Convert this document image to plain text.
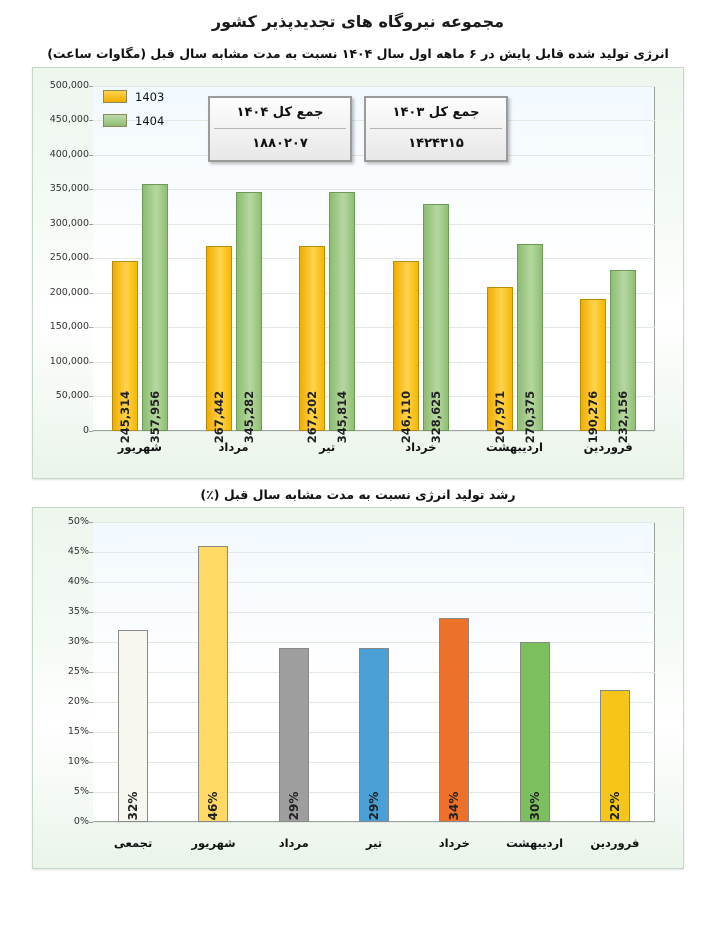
مجموعه نیروگاه های تجدیدپذیر کشور
انرژی تولید شده قابل پایش در ۶ ماهه اول سال ۱۴۰۴ نسبت به مدت مشابه سال قبل (مگاوات ساعت)
190,276 232,156
207,971 270,375
246,110 328,625
267,202 345,814
267,442 345,282
245,314 357,956
0
50,000
100,000
150,000
200,000
250,000
300,000
350,000
400,000
450,000
500,000
فروردین
اردیبهشت
خرداد
تیر
مرداد
شهریور
1403
1404
جمع کل ۱۴۰۴
۱۸۸۰۲۰۷
جمع کل ۱۴۰۳
۱۴۲۴۳۱۵
رشد تولید انرژی نسبت به مدت مشابه سال قبل (٪)
22%
30%
34%
29%
29%
46%
32%
0%
5%
10%
15%
20%
25%
30%
35%
40%
45%
50%
فروردین
اردیبهشت
خرداد
تیر
مرداد
شهریور
تجمعی
